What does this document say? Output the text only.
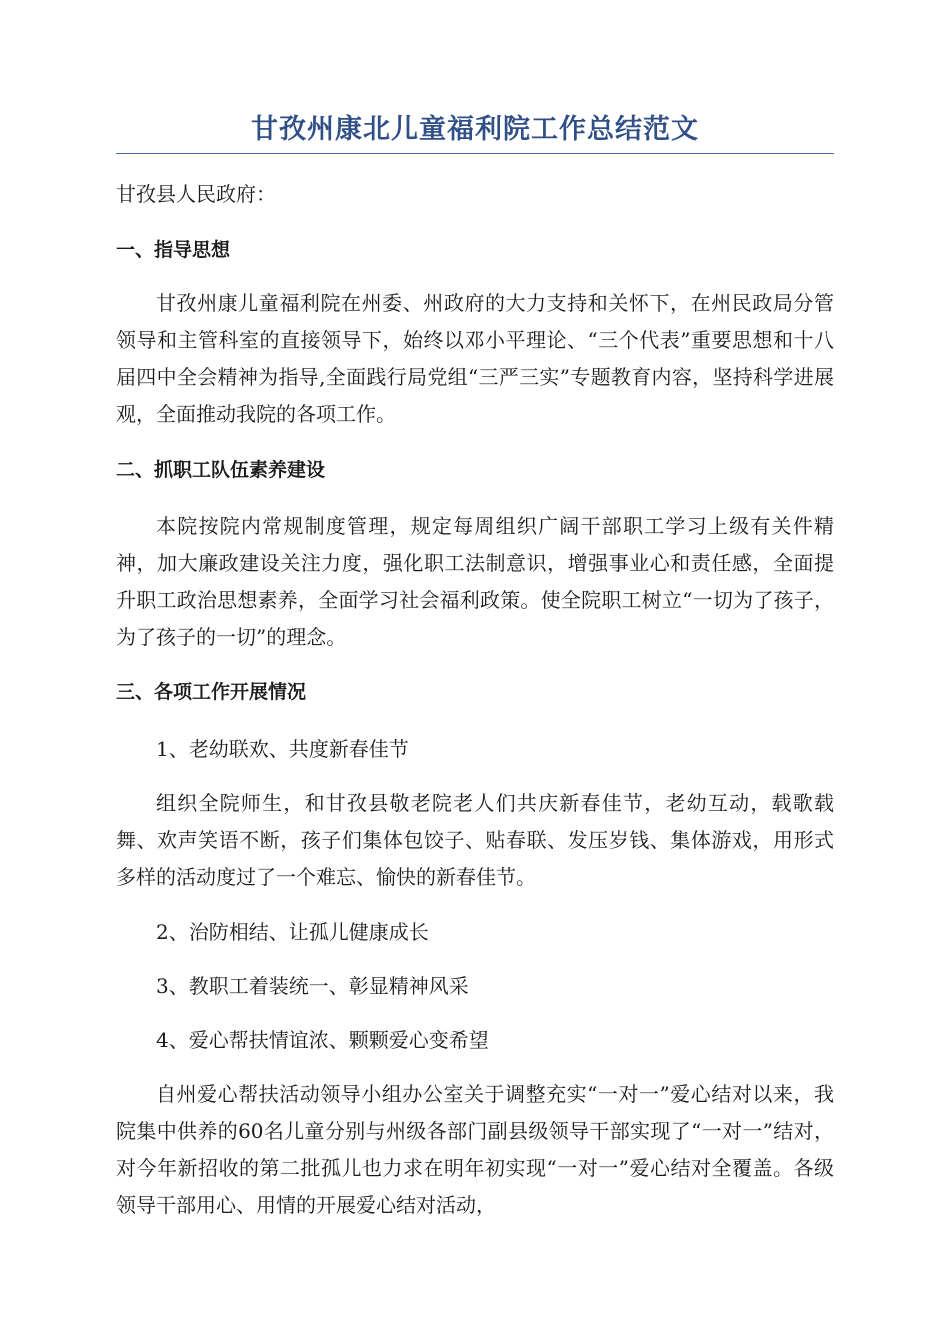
甘孜州康北儿童福利院工作总结范文

甘孜县人民政府：

一、指导思想

甘孜州康儿童福利院在州委、州政府的大力支持和关怀下，在州民政局分管领导和主管科室的直接领导下，始终以邓小平理论、“三个代表”重要思想和十八届四中全会精神为指导,全面践行局党组“三严三实”专题教育内容，坚持科学进展观，全面推动我院的各项工作。

二、抓职工队伍素养建设

本院按院内常规制度管理，规定每周组织广阔干部职工学习上级有关件精神，加大廉政建设关注力度，强化职工法制意识，增强事业心和责任感，全面提升职工政治思想素养，全面学习社会福利政策。使全院职工树立“一切为了孩子，为了孩子的一切”的理念。

三、各项工作开展情况

1、老幼联欢、共度新春佳节

组织全院师生，和甘孜县敬老院老人们共庆新春佳节，老幼互动，载歌载舞、欢声笑语不断，孩子们集体包饺子、贴春联、发压岁钱、集体游戏，用形式多样的活动度过了一个难忘、愉快的新春佳节。

2、治防相结、让孤儿健康成长

3、教职工着装统一、彰显精神风采

4、爱心帮扶情谊浓、颗颗爱心变希望

自州爱心帮扶活动领导小组办公室关于调整充实“一对一”爱心结对以来，我院集中供养的60名儿童分别与州级各部门副县级领导干部实现了“一对一”结对，对今年新招收的第二批孤儿也力求在明年初实现“一对一”爱心结对全覆盖。各级领导干部用心、用情的开展爱心结对活动，
